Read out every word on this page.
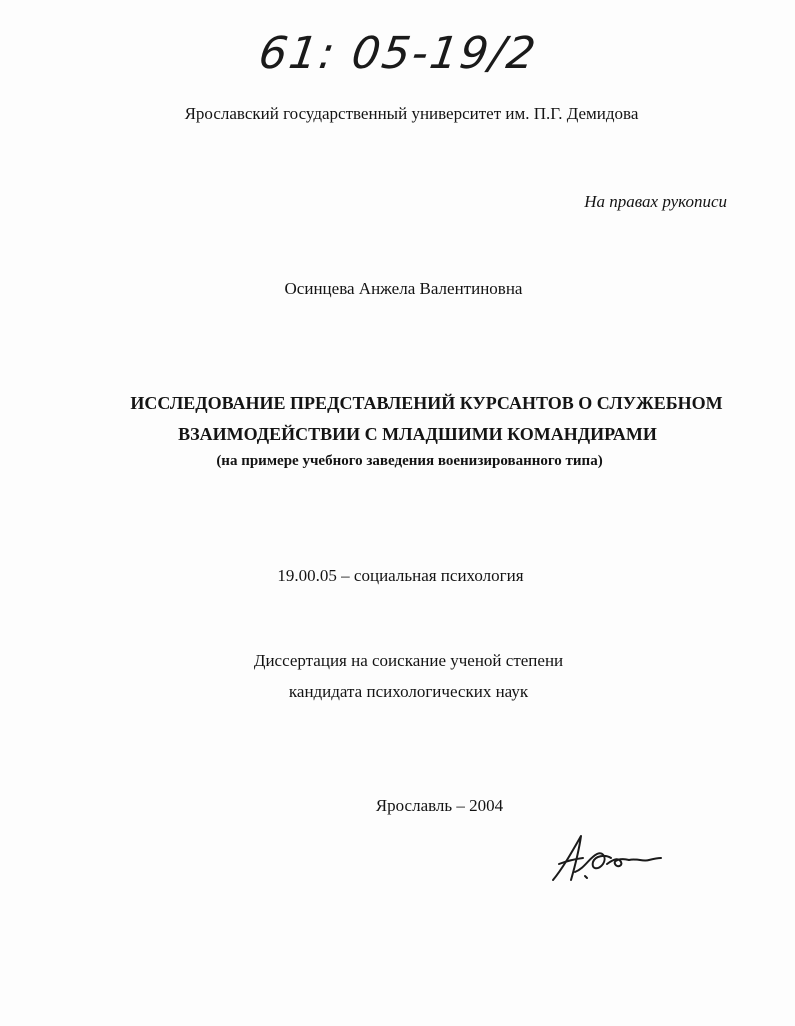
61: 05-19/2
Ярославский государственный университет им. П.Г. Демидова
На правах рукописи
Осинцева Анжела Валентиновна
ИССЛЕДОВАНИЕ ПРЕДСТАВЛЕНИЙ КУРСАНТОВ О СЛУЖЕБНОМ
ВЗАИМОДЕЙСТВИИ С МЛАДШИМИ КОМАНДИРАМИ
(на примере учебного заведения военизированного типа)
19.00.05 – социальная психология
Диссертация на соискание ученой степени
кандидата психологических наук
Ярославль – 2004
